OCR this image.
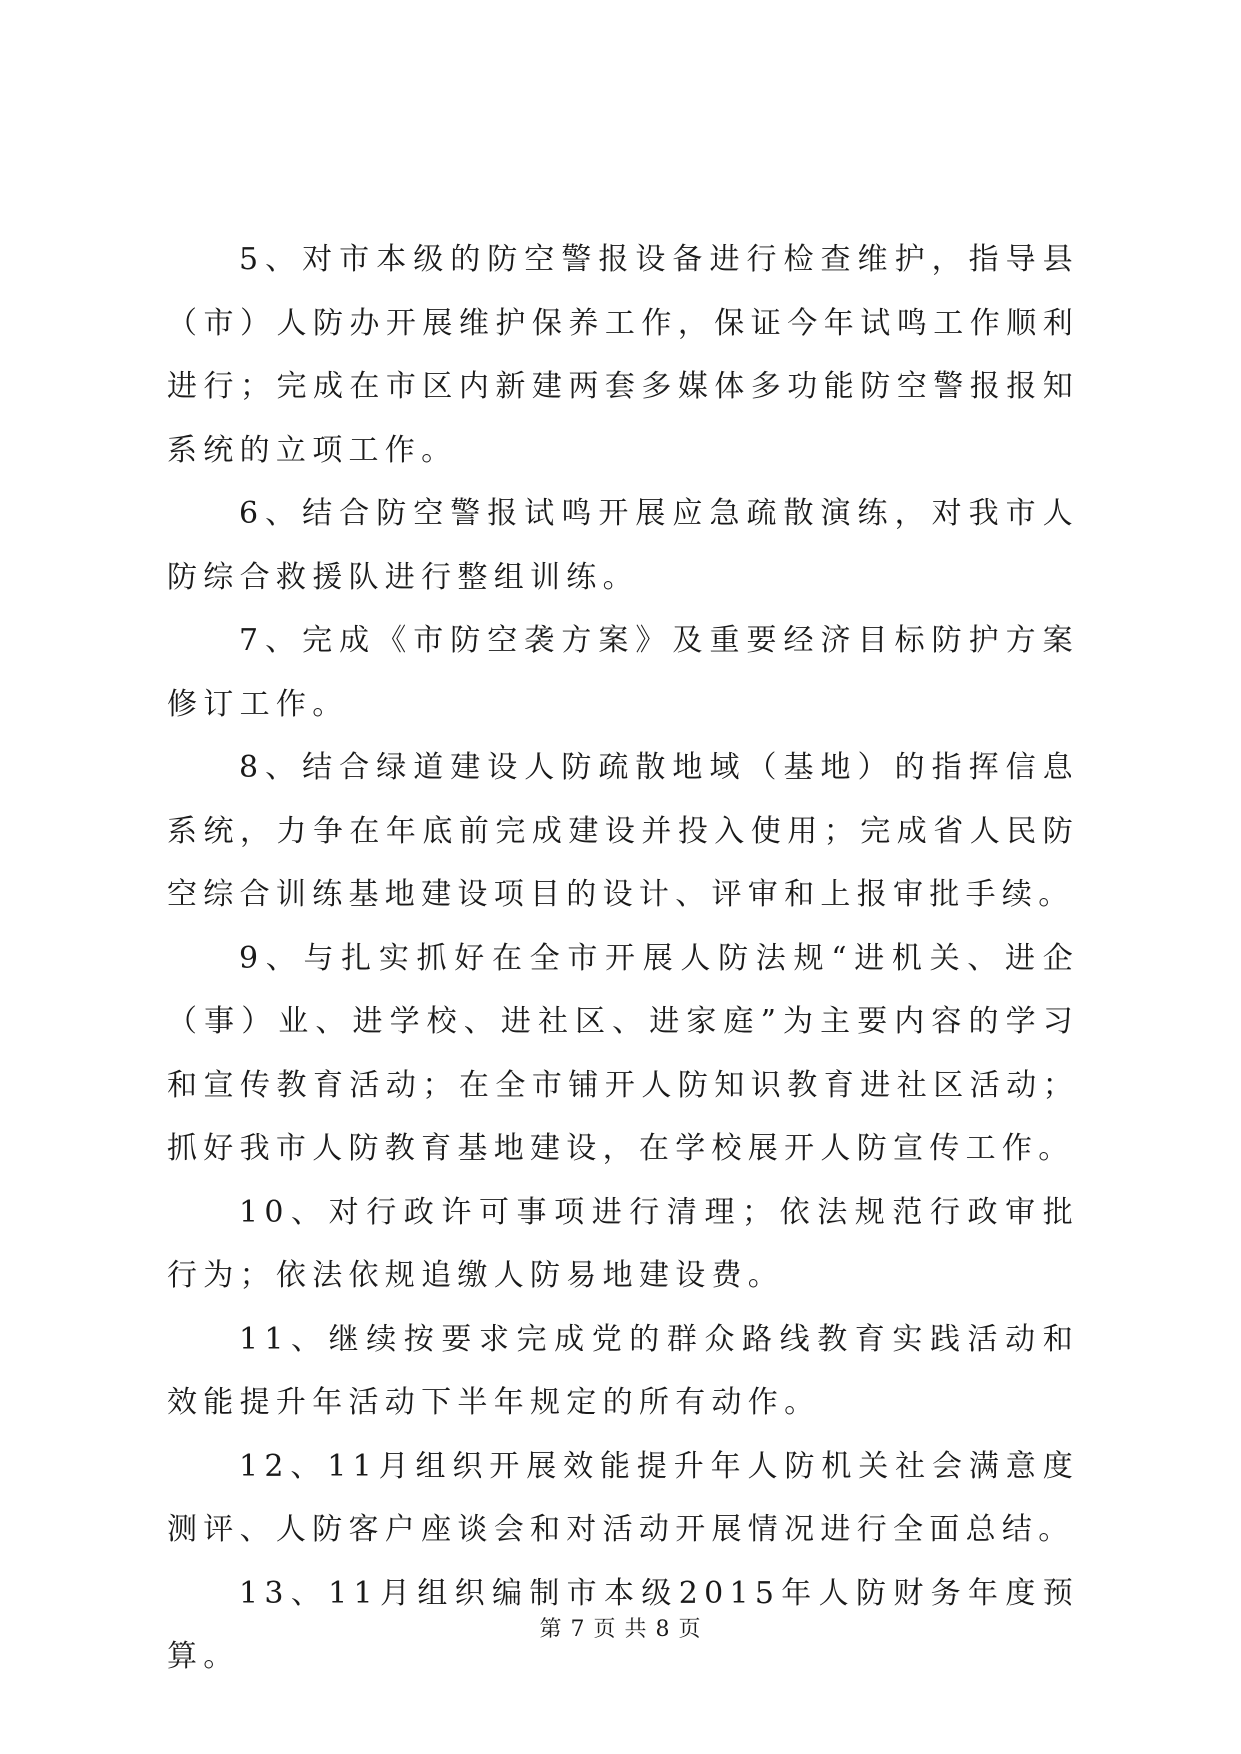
5、对市本级的防空警报设备进行检查维护，指导县（市）人防办开展维护保养工作，保证今年试鸣工作顺利进行；完成在市区内新建两套多媒体多功能防空警报报知系统的立项工作。

6、结合防空警报试鸣开展应急疏散演练，对我市人防综合救援队进行整组训练。

7、完成《市防空袭方案》及重要经济目标防护方案修订工作。

8、结合绿道建设人防疏散地域（基地）的指挥信息系统，力争在年底前完成建设并投入使用；完成省人民防空综合训练基地建设项目的设计、评审和上报审批手续。

9、与扎实抓好在全市开展人防法规“进机关、进企（事）业、进学校、进社区、进家庭”为主要内容的学习和宣传教育活动；在全市铺开人防知识教育进社区活动；抓好我市人防教育基地建设，在学校展开人防宣传工作。

10、对行政许可事项进行清理；依法规范行政审批行为；依法依规追缴人防易地建设费。

11、继续按要求完成党的群众路线教育实践活动和效能提升年活动下半年规定的所有动作。

12、11月组织开展效能提升年人防机关社会满意度测评、人防客户座谈会和对活动开展情况进行全面总结。

13、11月组织编制市本级2015年人防财务年度预算。

第 7 页 共 8 页
